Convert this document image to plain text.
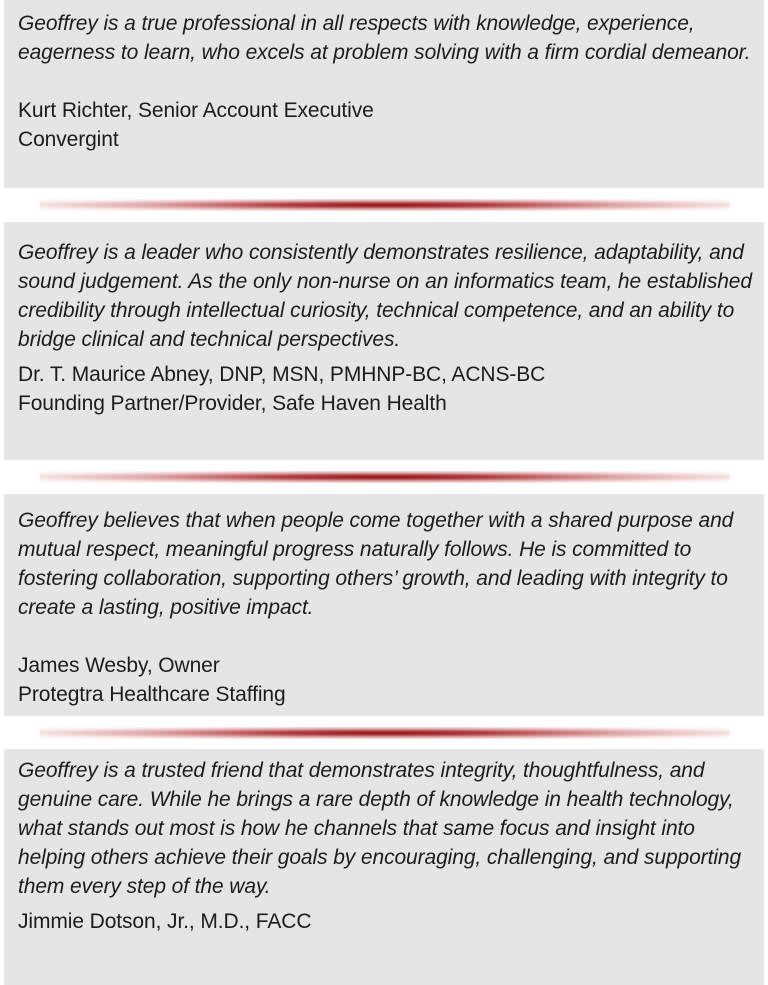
Geoffrey is a true professional in all respects with knowledge, experience, eagerness to learn, who excels at problem solving with a firm cordial demeanor.

Kurt Richter, Senior Account Executive

Convergint

Geoffrey is a leader who consistently demonstrates resilience, adaptability, and sound judgement. As the only non-nurse on an informatics team, he established credibility through intellectual curiosity, technical competence, and an ability to bridge clinical and technical perspectives.

Dr. T. Maurice Abney, DNP, MSN, PMHNP-BC, ACNS-BC

Founding Partner/Provider, Safe Haven Health

Geoffrey believes that when people come together with a shared purpose and mutual respect, meaningful progress naturally follows. He is committed to fostering collaboration, supporting others’ growth, and leading with integrity to create a lasting, positive impact.

James Wesby, Owner

Protegtra Healthcare Staffing

Geoffrey is a trusted friend that demonstrates integrity, thoughtfulness, and genuine care. While he brings a rare depth of knowledge in health technology, what stands out most is how he channels that same focus and insight into helping others achieve their goals by encouraging, challenging, and supporting them every step of the way.

Jimmie Dotson, Jr., M.D., FACC
